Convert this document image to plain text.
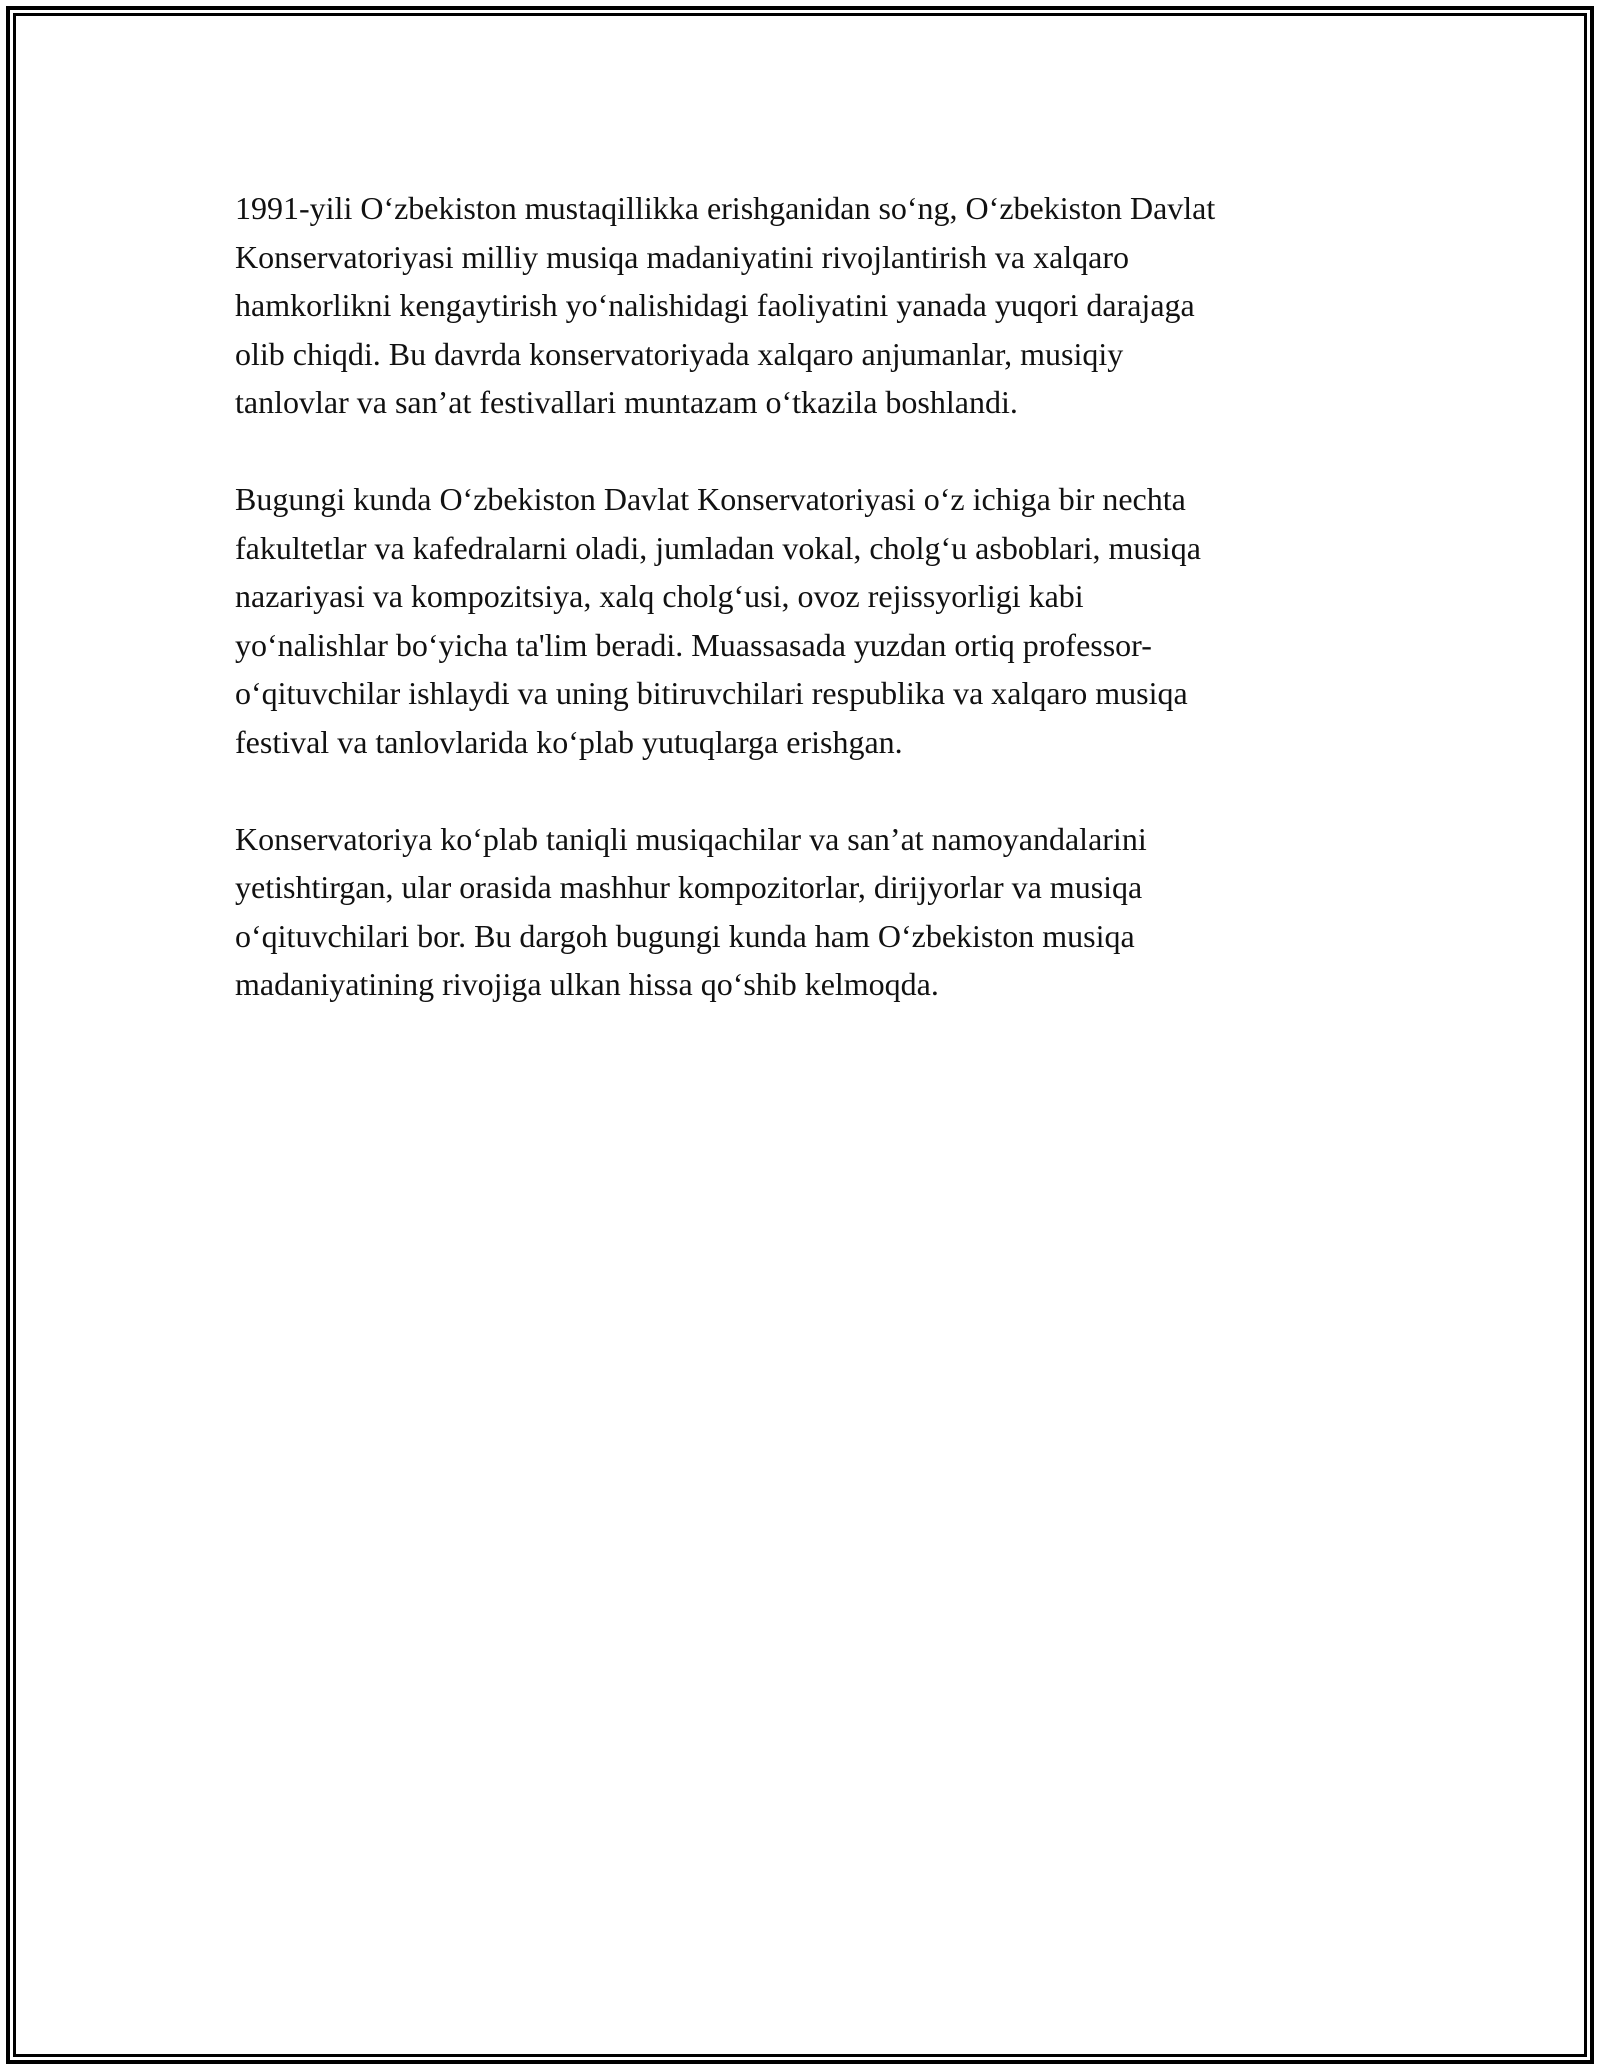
1991-yili O‘zbekiston mustaqillikka erishganidan so‘ng, O‘zbekiston Davlat
Konservatoriyasi milliy musiqa madaniyatini rivojlantirish va xalqaro
hamkorlikni kengaytirish yo‘nalishidagi faoliyatini yanada yuqori darajaga
olib chiqdi. Bu davrda konservatoriyada xalqaro anjumanlar, musiqiy
tanlovlar va san’at festivallari muntazam o‘tkazila boshlandi.

Bugungi kunda O‘zbekiston Davlat Konservatoriyasi o‘z ichiga bir nechta
fakultetlar va kafedralarni oladi, jumladan vokal, cholg‘u asboblari, musiqa
nazariyasi va kompozitsiya, xalq cholg‘usi, ovoz rejissyorligi kabi
yo‘nalishlar bo‘yicha ta'lim beradi. Muassasada yuzdan ortiq professor-
o‘qituvchilar ishlaydi va uning bitiruvchilari respublika va xalqaro musiqa
festival va tanlovlarida ko‘plab yutuqlarga erishgan.

Konservatoriya ko‘plab taniqli musiqachilar va san’at namoyandalarini
yetishtirgan, ular orasida mashhur kompozitorlar, dirijyorlar va musiqa
o‘qituvchilari bor. Bu dargoh bugungi kunda ham O‘zbekiston musiqa
madaniyatining rivojiga ulkan hissa qo‘shib kelmoqda.
